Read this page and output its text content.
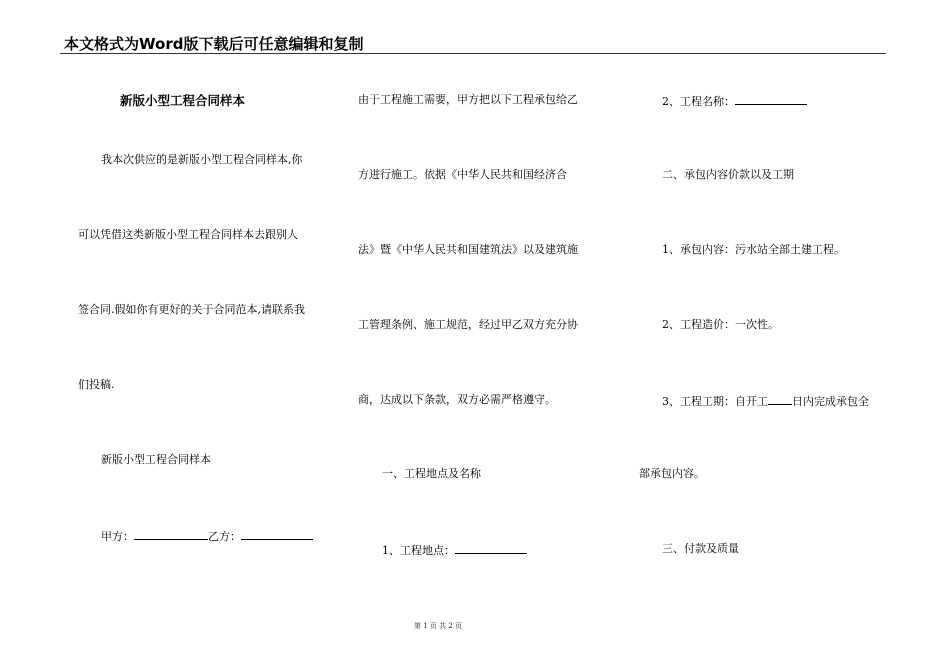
本文格式为Word版下载后可任意编辑和复制
新版小型工程合同样本
我本次供应的是新版小型工程合同样本,你
可以凭借这类新版小型工程合同样本去跟别人
签合同.假如你有更好的关于合同范本,请联系我
们投稿.
新版小型工程合同样本
甲方：	乙方：
由于工程施工需要，甲方把以下工程承包给乙
方进行施工。依据《中华人民共和国经济合
法》暨《中华人民共和国建筑法》以及建筑施
工管理条例、施工规范，经过甲乙双方充分协
商，达成以下条款，双方必需严格遵守。
一、工程地点及名称
1、工程地点：
2、工程名称：
二、承包内容价款以及工期
1、承包内容：污水站全部土建工程。
2、工程造价：一次性。
3、工程工期：自开工 日内完成承包全
部承包内容。
三、付款及质量
第 1 页 共 2 页
